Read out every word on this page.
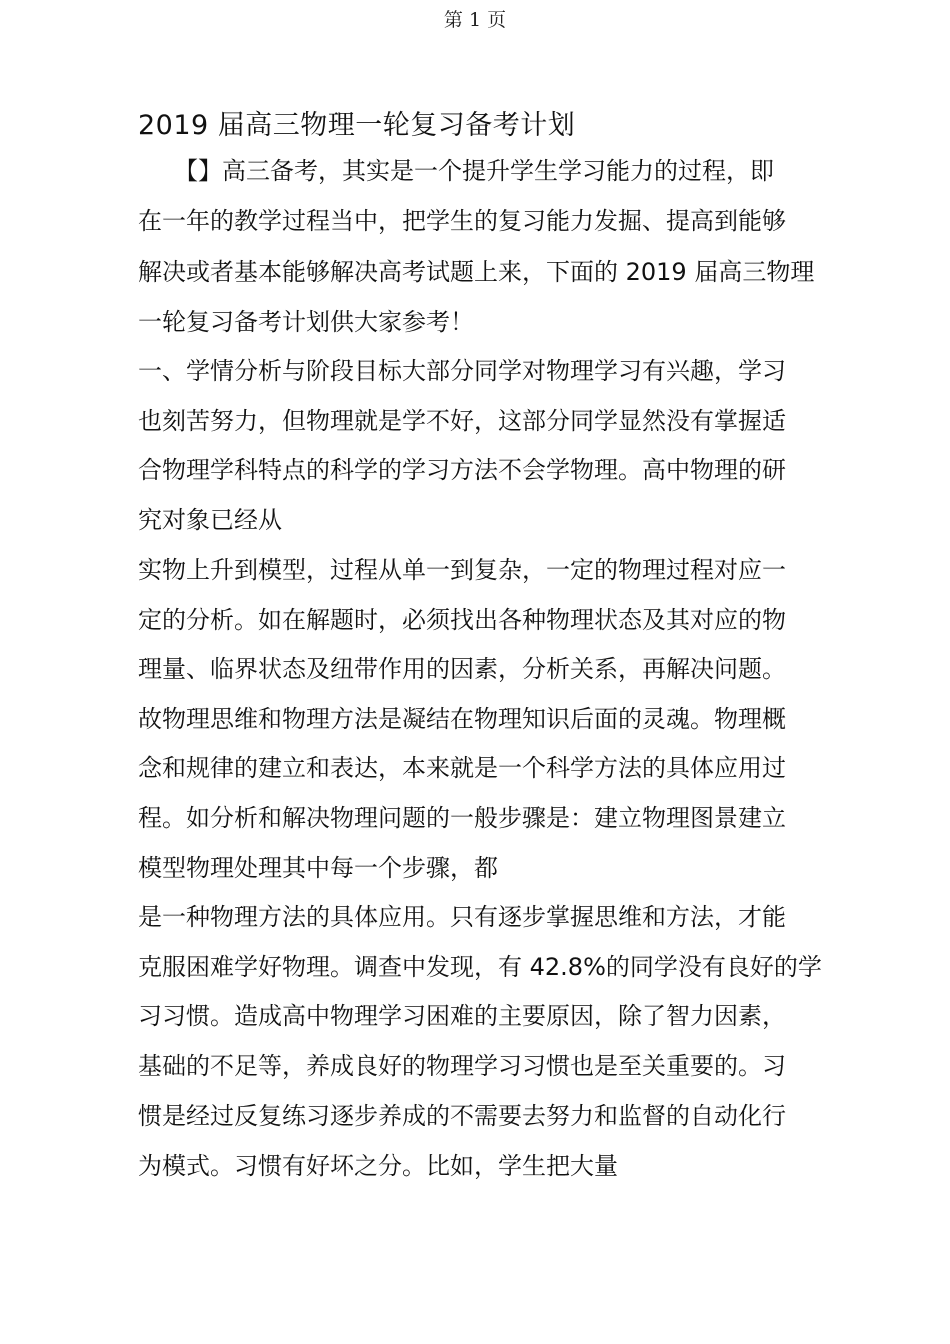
第 1 页
2019 届高三物理一轮复习备考计划
　　【】高三备考，其实是一个提升学生学习能力的过程，即
在一年的教学过程当中，把学生的复习能力发掘、提高到能够
解决或者基本能够解决高考试题上来，下面的 2019 届高三物理
一轮复习备考计划供大家参考！
一、学情分析与阶段目标大部分同学对物理学习有兴趣，学习
也刻苦努力，但物理就是学不好，这部分同学显然没有掌握适
合物理学科特点的科学的学习方法不会学物理。高中物理的研
究对象已经从
实物上升到模型，过程从单一到复杂，一定的物理过程对应一
定的分析。如在解题时，必须找出各种物理状态及其对应的物
理量、临界状态及纽带作用的因素，分析关系，再解决问题。
故物理思维和物理方法是凝结在物理知识后面的灵魂。物理概
念和规律的建立和表达，本来就是一个科学方法的具体应用过
程。如分析和解决物理问题的一般步骤是：建立物理图景建立
模型物理处理其中每一个步骤，都
是一种物理方法的具体应用。只有逐步掌握思维和方法，才能
克服困难学好物理。调查中发现，有 42.8%的同学没有良好的学
习习惯。造成高中物理学习困难的主要原因，除了智力因素，
基础的不足等，养成良好的物理学习习惯也是至关重要的。习
惯是经过反复练习逐步养成的不需要去努力和监督的自动化行
为模式。习惯有好坏之分。比如，学生把大量
